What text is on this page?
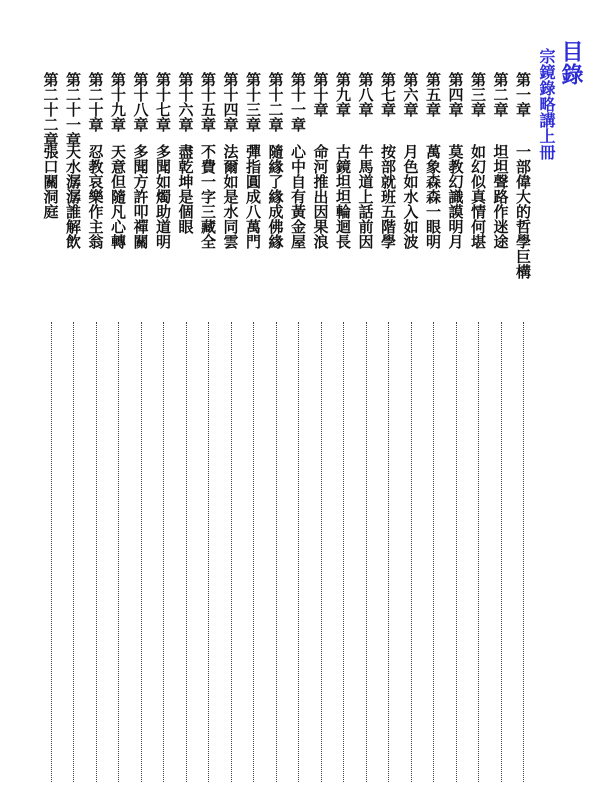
目錄
宗鏡錄略講上冊
第一章
一部偉大的哲學巨構
第二章
坦坦聲路作迷途
第三章
如幻似真情何堪
第四章
莫教幻識謨明月
第五章
萬象森森一眼明
第六章
月色如水入如波
第七章
按部就班五階學
第八章
牛馬道上話前因
第九章
古鏡坦坦輪迴長
第十章
命河推出因果浪
第十一章
心中自有黃金屋
第十二章
隨緣了緣成佛緣
第十三章
彈指圓成八萬門
第十四章
法爾如是水同雲
第十五章
不費一字三藏全
第十六章
盡乾坤是個眼
第十七章
多聞如燭助道明
第十八章
多聞方許叩禪關
第十九章
天意但隨凡心轉
第二十章
忍教哀樂作主翁
第二十一章
天水潺潺誰解飲
第二十二章
張口關洞庭
